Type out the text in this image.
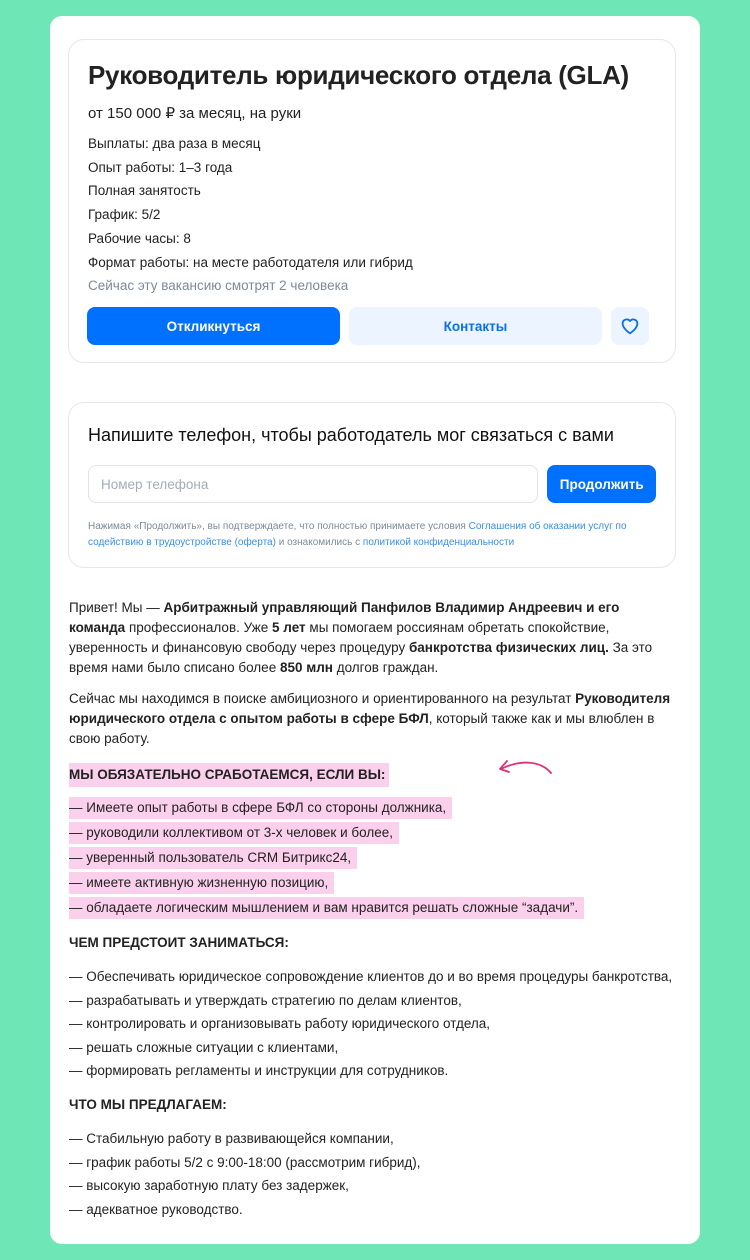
Руководитель юридического отдела (GLA)
от 150 000 ₽ за месяц, на руки
Выплаты: два раза в месяц
Опыт работы: 1–3 года
Полная занятость
График: 5/2
Рабочие часы: 8
Формат работы: на месте работодателя или гибрид
Сейчас эту вакансию смотрят 2 человека
Откликнуться	Контакты
Напишите телефон, чтобы работодатель мог связаться с вами
Номер телефона	Продолжить
Нажимая «Продолжить», вы подтверждаете, что полностью принимаете условия Соглашения об оказании услуг по содействию в трудоустройстве (оферта) и ознакомились с политикой конфиденциальности

Привет! Мы — Арбитражный управляющий Панфилов Владимир Андреевич и его команда профессионалов. Уже 5 лет мы помогаем россиянам обретать спокойствие, уверенность и финансовую свободу через процедуру банкротства физических лиц. За это время нами было списано более 850 млн долгов граждан.

Сейчас мы находимся в поиске амбициозного и ориентированного на результат Руководителя юридического отдела с опытом работы в сфере БФЛ, который также как и мы влюблен в свою работу.

МЫ ОБЯЗАТЕЛЬНО СРАБОТАЕМСЯ, ЕСЛИ ВЫ:
— Имеете опыт работы в сфере БФЛ со стороны должника,
— руководили коллективом от 3-х человек и более,
— уверенный пользователь CRM Битрикс24,
— имеете активную жизненную позицию,
— обладаете логическим мышлением и вам нравится решать сложные “задачи”.
ЧЕМ ПРЕДСТОИТ ЗАНИМАТЬСЯ:
— Обеспечивать юридическое сопровождение клиентов до и во время процедуры банкротства,
— разрабатывать и утверждать стратегию по делам клиентов,
— контролировать и организовывать работу юридического отдела,
— решать сложные ситуации с клиентами,
— формировать регламенты и инструкции для сотрудников.
ЧТО МЫ ПРЕДЛАГАЕМ:
— Стабильную работу в развивающейся компании,
— график работы 5/2 с 9:00-18:00 (рассмотрим гибрид),
— высокую заработную плату без задержек,
— адекватное руководство.
